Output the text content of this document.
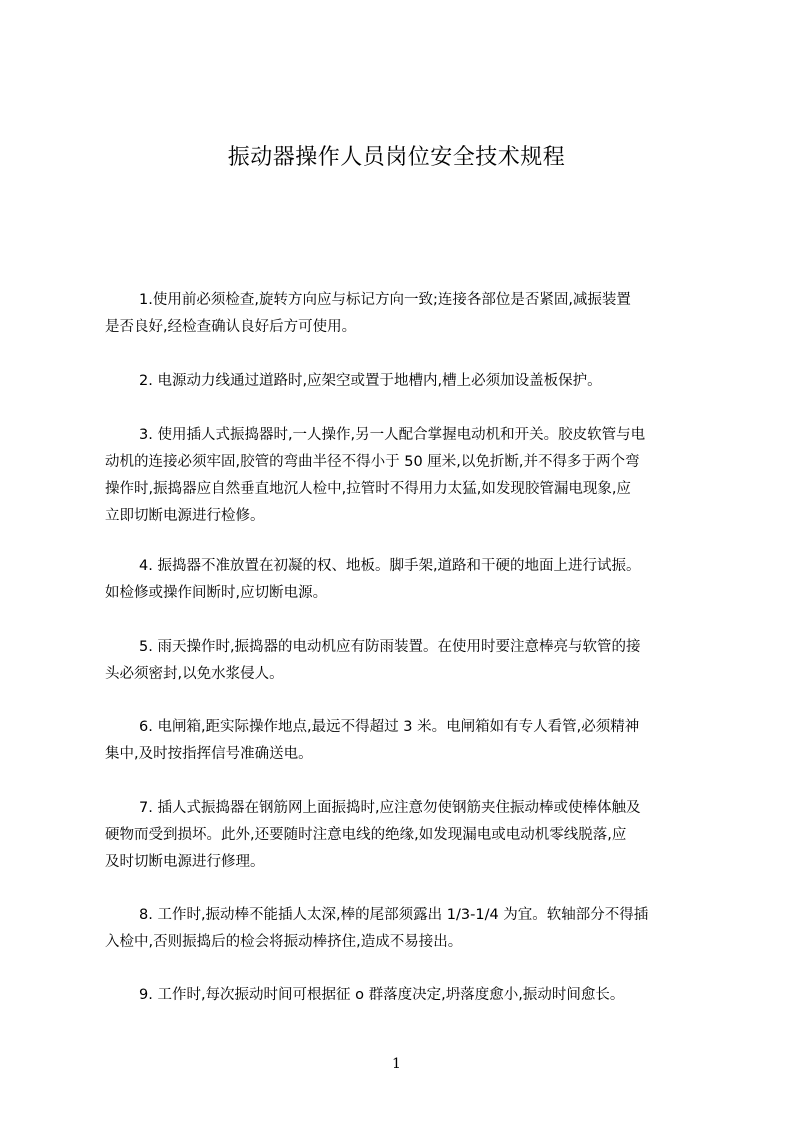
振动器操作人员岗位安全技术规程
1.使用前必须检查,旋转方向应与标记方向一致;连接各部位是否紧固,减振装置
是否良好,经检查确认良好后方可使用。
2. 电源动力线通过道路时,应架空或置于地槽内,槽上必须加设盖板保护。
3. 使用插人式振捣器时,一人操作,另一人配合掌握电动机和开关。胶皮软管与电
动机的连接必须牢固,胶管的弯曲半径不得小于 50 厘米,以免折断,并不得多于两个弯
操作时,振捣器应自然垂直地沉人检中,拉管时不得用力太猛,如发现胶管漏电现象,应
立即切断电源进行检修。
4. 振捣器不准放置在初凝的权、地板。脚手架,道路和干硬的地面上进行试振。
如检修或操作间断时,应切断电源。
5. 雨天操作时,振捣器的电动机应有防雨装置。在使用时要注意棒亮与软管的接
头必须密封,以免水浆侵人。
6. 电闸箱,距实际操作地点,最远不得超过 3 米。电闸箱如有专人看管,必须精神
集中,及时按指挥信号准确送电。
7. 插人式振捣器在钢筋网上面振捣时,应注意勿使钢筋夹住振动棒或使棒体触及
硬物而受到损坏。此外,还要随时注意电线的绝缘,如发现漏电或电动机零线脱落,应
及时切断电源进行修理。
8. 工作时,振动棒不能插人太深,棒的尾部须露出 1/3-1/4 为宜。软轴部分不得插
入检中,否则振捣后的检会将振动棒挤住,造成不易接出。
9. 工作时,每次振动时间可根据征 o 群落度决定,坍落度愈小,振动时间愈长。
1
